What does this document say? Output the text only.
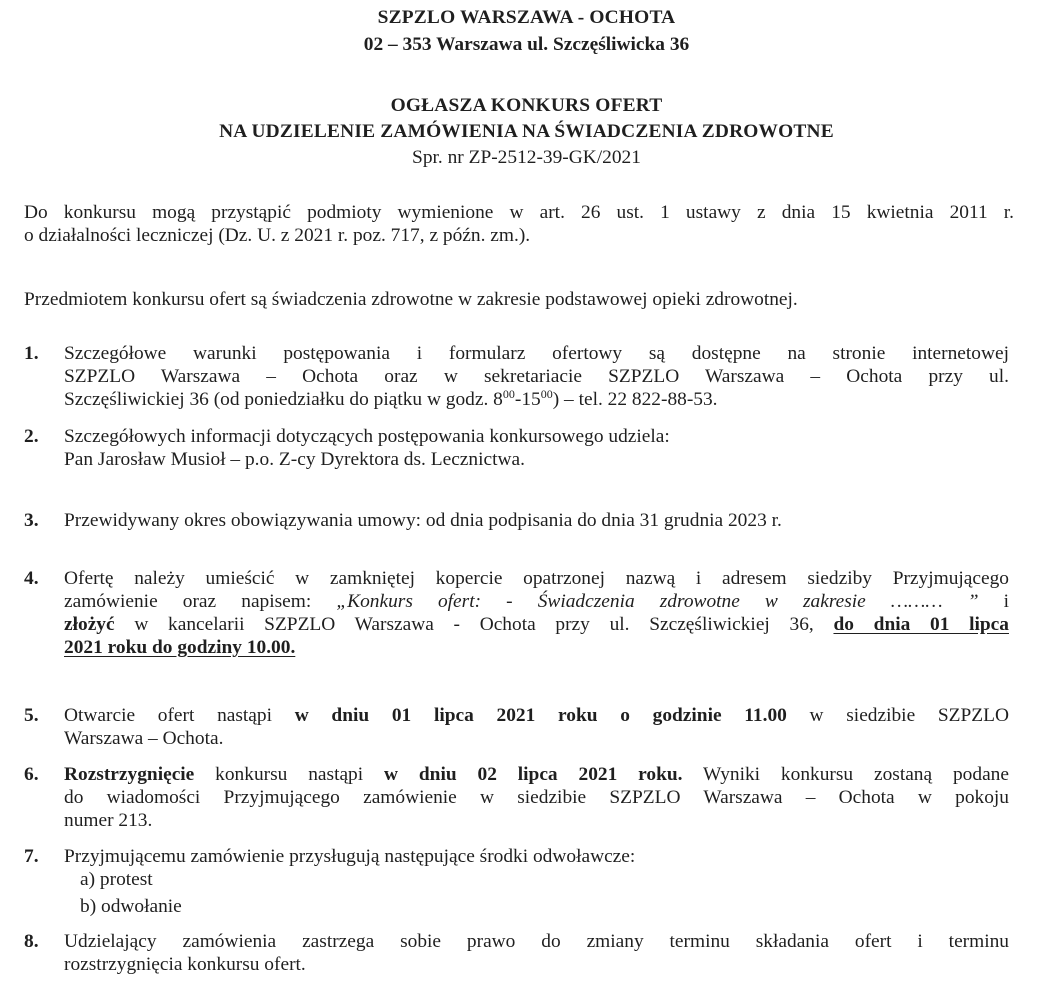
SZPZLO WARSZAWA - OCHOTA
02 – 353 Warszawa ul. Szczęśliwicka 36
OGŁASZA KONKURS OFERT
NA UDZIELENIE ZAMÓWIENIA NA ŚWIADCZENIA ZDROWOTNE
Spr. nr ZP-2512-39-GK/2021
Do konkursu mogą przystąpić podmioty wymienione w art. 26 ust. 1 ustawy z dnia 15 kwietnia 2011 r.
o działalności leczniczej (Dz. U. z 2021 r. poz. 717, z późn. zm.).
Przedmiotem konkursu ofert są świadczenia zdrowotne w zakresie podstawowej opieki zdrowotnej.
1.	Szczegółowe warunki postępowania i formularz ofertowy są dostępne na stronie internetowej
SZPZLO Warszawa – Ochota oraz w sekretariacie SZPZLO Warszawa – Ochota przy ul.
Szczęśliwickiej 36 (od poniedziałku do piątku w godz. $8^{00}-15^{00}$) – tel. 22 822-88-53.
2.	Szczegółowych informacji dotyczących postępowania konkursowego udziela:
Pan Jarosław Musioł – p.o. Z-cy Dyrektora ds. Lecznictwa.
3.	Przewidywany okres obowiązywania umowy: od dnia podpisania do dnia 31 grudnia 2023 r.
4.	Ofertę należy umieścić w zamkniętej kopercie opatrzonej nazwą i adresem siedziby Przyjmującego
zamówienie oraz napisem: „Konkurs ofert: - Świadczenia zdrowotne w zakresie ……… ” i
złożyć w kancelarii SZPZLO Warszawa - Ochota przy ul. Szczęśliwickiej 36, do dnia 01 lipca
2021 roku do godziny 10.00.
5.	Otwarcie ofert nastąpi w dniu 01 lipca 2021 roku o godzinie 11.00 w siedzibie SZPZLO
Warszawa – Ochota.
6.	Rozstrzygnięcie konkursu nastąpi w dniu 02 lipca 2021 roku. Wyniki konkursu zostaną podane
do wiadomości Przyjmującego zamówienie w siedzibie SZPZLO Warszawa – Ochota w pokoju
numer 213.
7.	Przyjmującemu zamówienie przysługują następujące środki odwoławcze:
a) protest
b) odwołanie
8.	Udzielający zamówienia zastrzega sobie prawo do zmiany terminu składania ofert i terminu
rozstrzygnięcia konkursu ofert.
